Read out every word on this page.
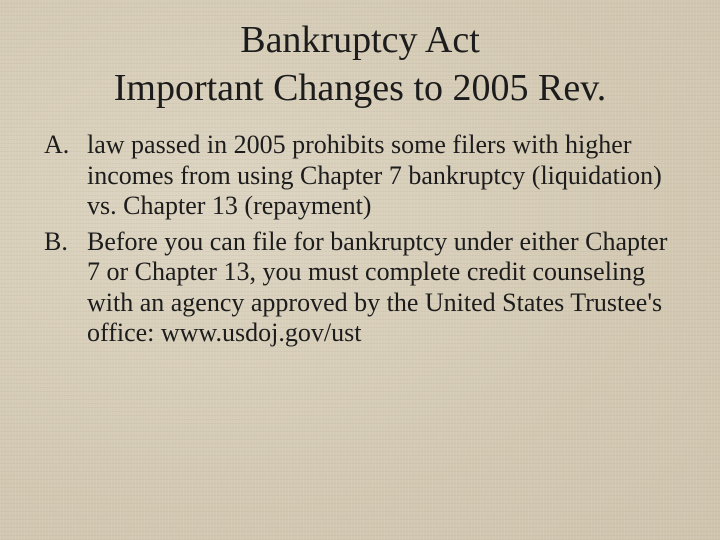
Bankruptcy Act
Important Changes to 2005 Rev.
A. law passed in 2005 prohibits some filers with higher incomes from using Chapter 7 bankruptcy (liquidation) vs. Chapter 13 (repayment)
B. Before you can file for bankruptcy under either Chapter 7 or Chapter 13, you must complete credit counseling with an agency approved by the United States Trustee's office: www.usdoj.gov/ust
